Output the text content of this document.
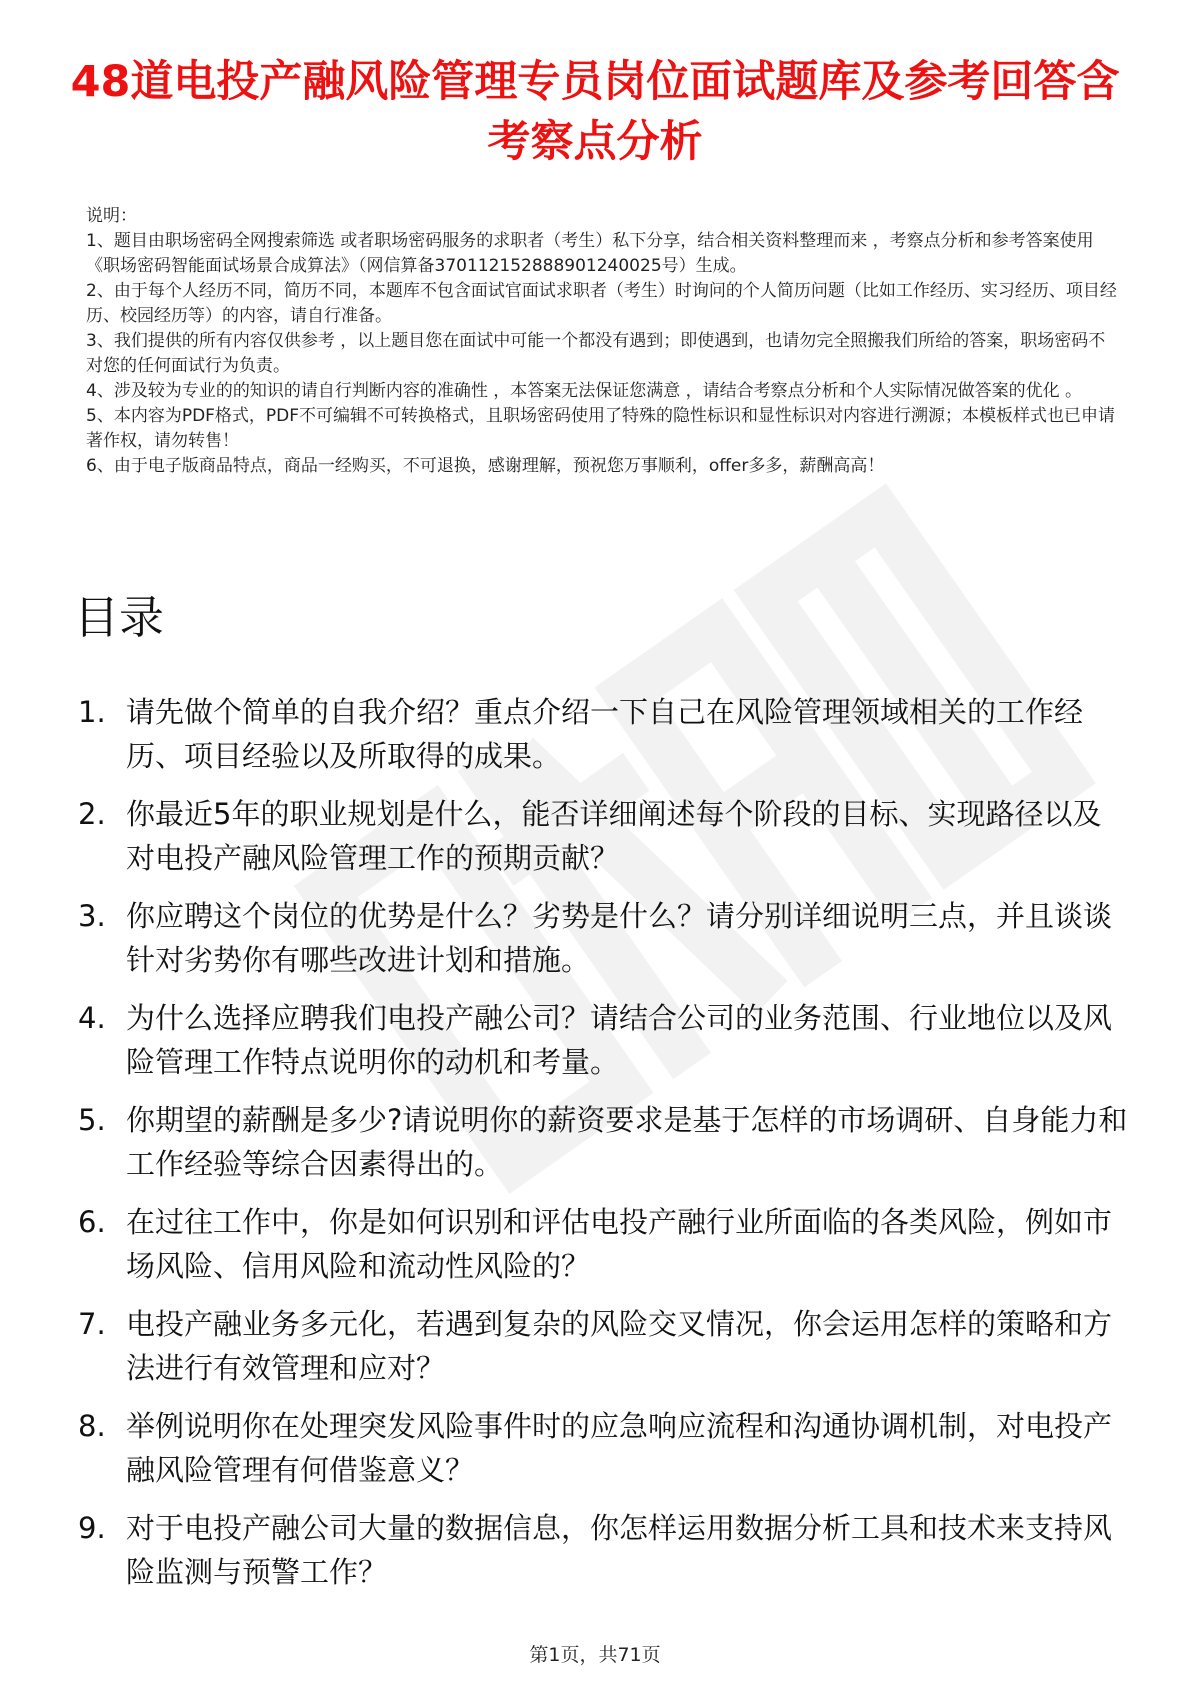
48道电投产融风险管理专员岗位面试题库及参考回答含考察点分析

说明：

1、题目由职场密码全网搜索筛选 或者职场密码服务的求职者（考生）私下分享，结合相关资料整理而来 ，考察点分析和参考答案使用《职场密码智能面试场景合成算法》（网信算备370112152888901240025号）生成。

2、由于每个人经历不同，简历不同，本题库不包含面试官面试求职者（考生）时询问的个人简历问题（比如工作经历、实习经历、项目经历、校园经历等）的内容，请自行准备。

3、我们提供的所有内容仅供参考 ，以上题目您在面试中可能一个都没有遇到；即使遇到，也请勿完全照搬我们所给的答案，职场密码不对您的任何面试行为负责。

4、涉及较为专业的的知识的请自行判断内容的准确性 ，本答案无法保证您满意 ，请结合考察点分析和个人实际情况做答案的优化 。

5、本内容为PDF格式，PDF不可编辑不可转换格式，且职场密码使用了特殊的隐性标识和显性标识对内容进行溯源；本模板样式也已申请著作权，请勿转售！

6、由于电子版商品特点，商品一经购买，不可退换，感谢理解，预祝您万事顺利，offer多多，薪酬高高！

目录
1. 请先做个简单的自我介绍？重点介绍一下自己在风险管理领域相关的工作经历、项目经验以及所取得的成果。
2. 你最近5年的职业规划是什么，能否详细阐述每个阶段的目标、实现路径以及对电投产融风险管理工作的预期贡献？
3. 你应聘这个岗位的优势是什么？劣势是什么？请分别详细说明三点，并且谈谈针对劣势你有哪些改进计划和措施。
4. 为什么选择应聘我们电投产融公司？请结合公司的业务范围、行业地位以及风险管理工作特点说明你的动机和考量。
5. 你期望的薪酬是多少?请说明你的薪资要求是基于怎样的市场调研、自身能力和工作经验等综合因素得出的。
6. 在过往工作中，你是如何识别和评估电投产融行业所面临的各类风险，例如市场风险、信用风险和流动性风险的？
7. 电投产融业务多元化，若遇到复杂的风险交叉情况，你会运用怎样的策略和方法进行有效管理和应对？
8. 举例说明你在处理突发风险事件时的应急响应流程和沟通协调机制，对电投产融风险管理有何借鉴意义？
9. 对于电投产融公司大量的数据信息，你怎样运用数据分析工具和技术来支持风险监测与预警工作？
第1页，共71页
